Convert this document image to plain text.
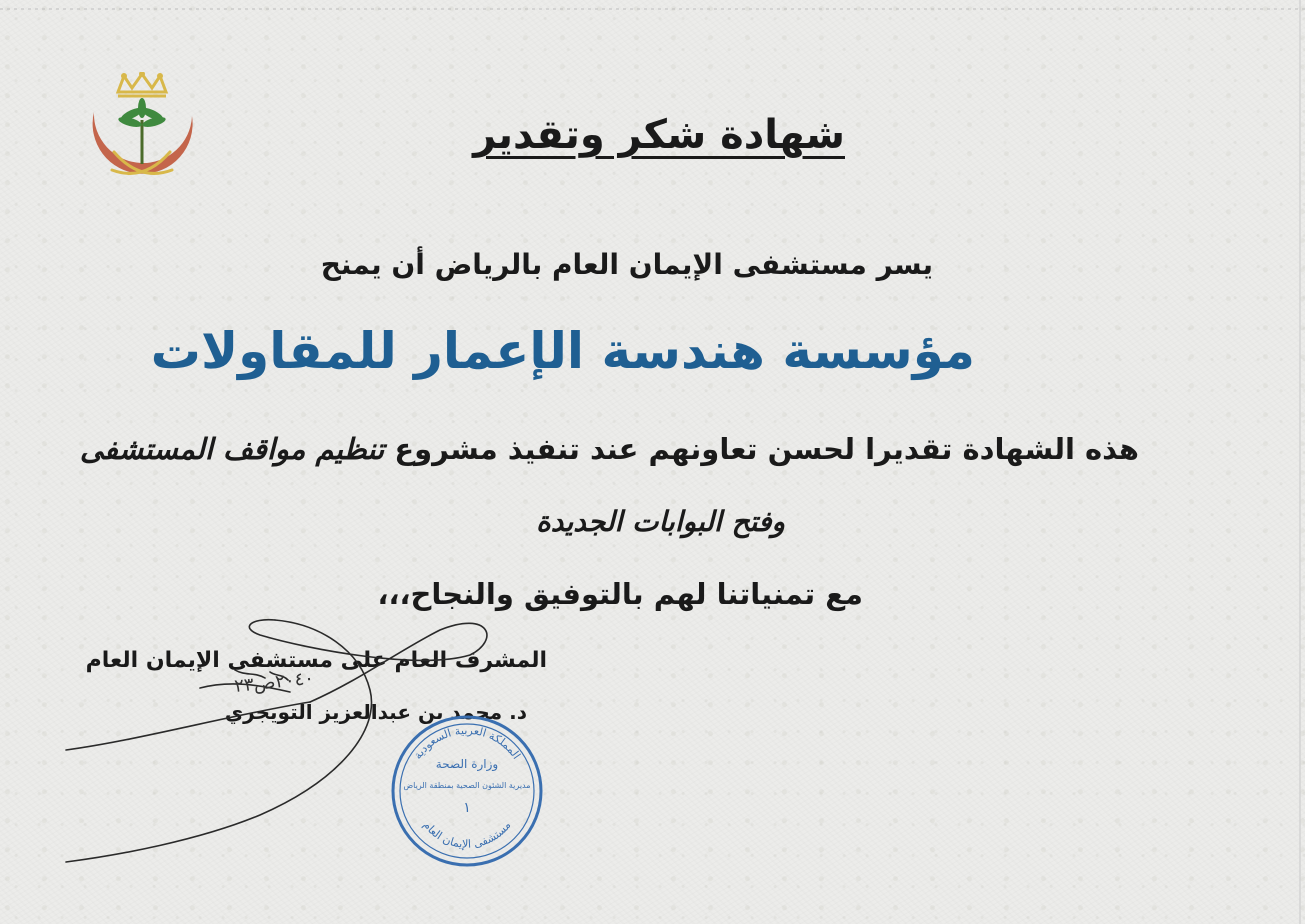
شهادة شكر وتقدير
يسر مستشفى الإيمان العام بالرياض أن يمنح
مؤسسة هندسة الإعمار للمقاولات
هذه الشهادة تقديرا لحسن تعاونهم عند تنفيذ مشروع تنظيم مواقف المستشفى
وفتح البوابات الجديدة
مع تمنياتنا لهم بالتوفيق والنجاح،،،
المشرف العام على مستشفى الإيمان العام
د. محمد بن عبدالعزيز التويجري
٢٠٤٠ص٢٣
المملكة العربية السعودية
وزارة الصحة
مديرية الشئون الصحية بمنطقة الرياض
١
مستشفى الإيمان العام
